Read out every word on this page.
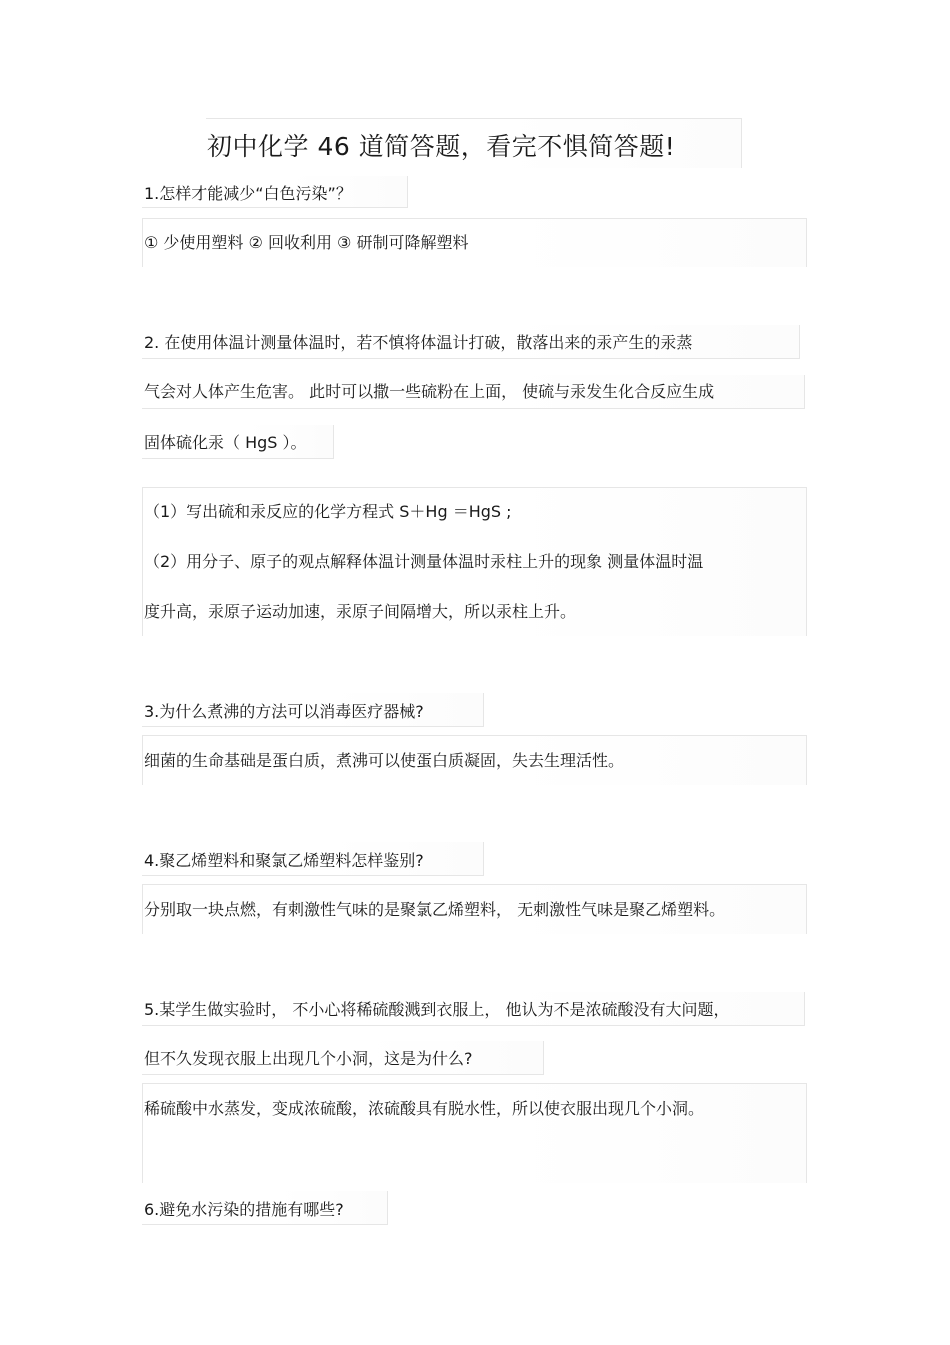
初中化学 46 道简答题，看完不惧简答题!
1.怎样才能减少“白色污染”？
① 少使用塑料 ② 回收利用 ③ 研制可降解塑料
2. 在使用体温计测量体温时，若不慎将体温计打破，散落出来的汞产生的汞蒸
气会对人体产生危害。 此时可以撒一些硫粉在上面， 使硫与汞发生化合反应生成
固体硫化汞（ HgS ）。
（1）写出硫和汞反应的化学方程式 S＋Hg ＝HgS ;
（2）用分子、原子的观点解释体温计测量体温时汞柱上升的现象 测量体温时温
度升高，汞原子运动加速，汞原子间隔增大，所以汞柱上升。
3.为什么煮沸的方法可以消毒医疗器械?
细菌的生命基础是蛋白质，煮沸可以使蛋白质凝固，失去生理活性。
4.聚乙烯塑料和聚氯乙烯塑料怎样鉴别?
分别取一块点燃，有刺激性气味的是聚氯乙烯塑料， 无刺激性气味是聚乙烯塑料。
5.某学生做实验时， 不小心将稀硫酸溅到衣服上， 他认为不是浓硫酸没有大问题，
但不久发现衣服上出现几个小洞，这是为什么?
稀硫酸中水蒸发，变成浓硫酸，浓硫酸具有脱水性，所以使衣服出现几个小洞。
6.避免水污染的措施有哪些?
